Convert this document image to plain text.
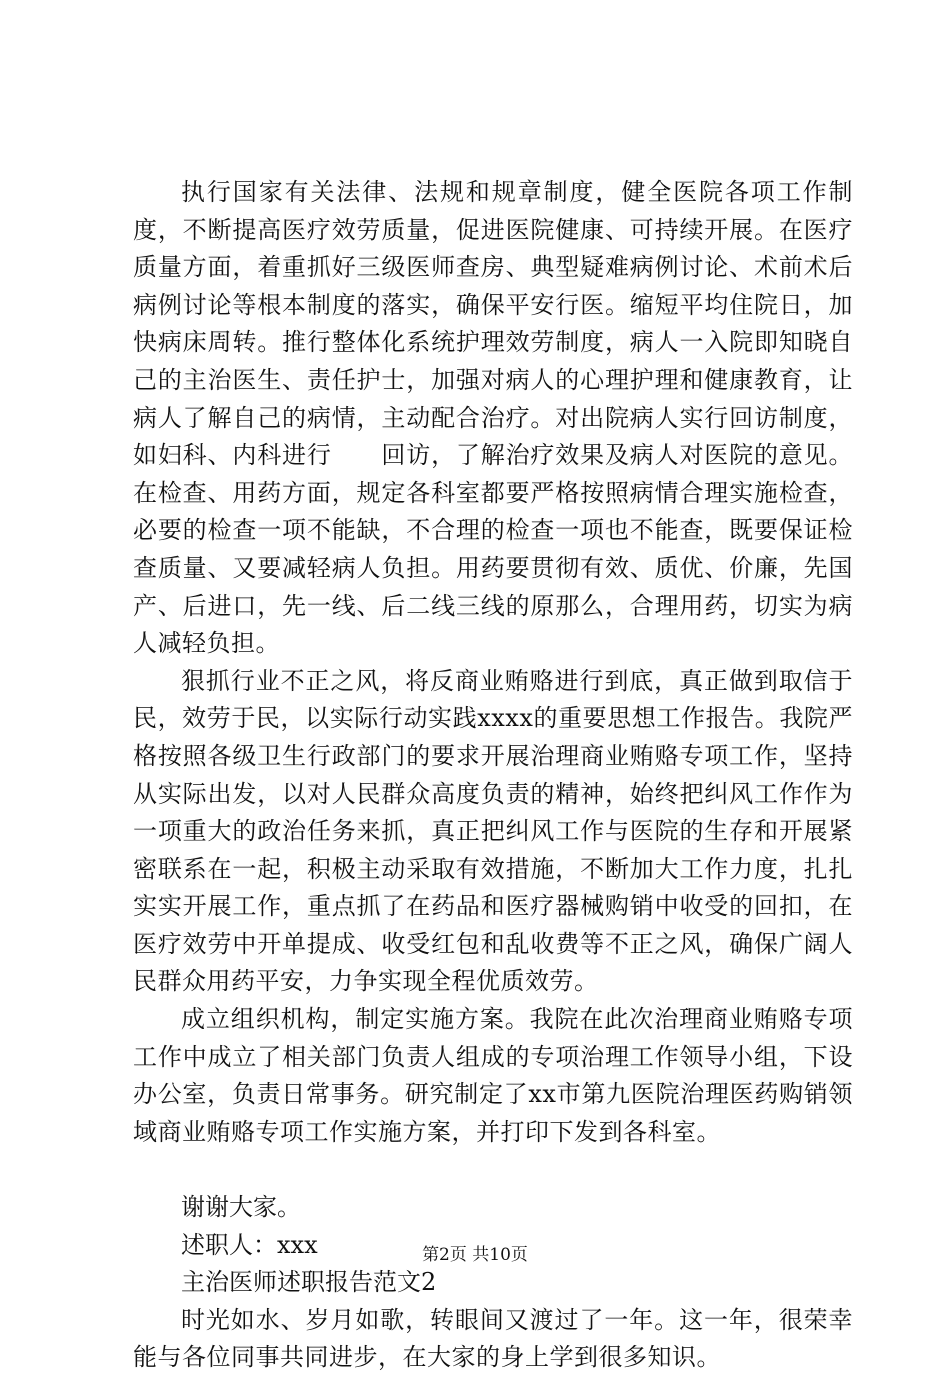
执行国家有关法律、法规和规章制度，健全医院各项工作制度，不断提高医疗效劳质量，促进医院健康、可持续开展。在医疗质量方面，着重抓好三级医师查房、典型疑难病例讨论、术前术后病例讨论等根本制度的落实，确保平安行医。缩短平均住院日，加快病床周转。推行整体化系统护理效劳制度，病人一入院即知晓自己的主治医生、责任护士，加强对病人的心理护理和健康教育，让病人了解自己的病情，主动配合治疗。对出院病人实行回访制度，如妇科、内科进行　　回访，了解治疗效果及病人对医院的意见。在检查、用药方面，规定各科室都要严格按照病情合理实施检查，必要的检查一项不能缺，不合理的检查一项也不能查，既要保证检查质量、又要减轻病人负担。用药要贯彻有效、质优、价廉，先国产、后进口，先一线、后二线三线的原那么，合理用药，切实为病人减轻负担。

狠抓行业不正之风，将反商业贿赂进行到底，真正做到取信于民，效劳于民，以实际行动实践xxxx的重要思想工作报告。我院严格按照各级卫生行政部门的要求开展治理商业贿赂专项工作，坚持从实际出发，以对人民群众高度负责的精神，始终把纠风工作作为一项重大的政治任务来抓，真正把纠风工作与医院的生存和开展紧密联系在一起，积极主动采取有效措施，不断加大工作力度，扎扎实实开展工作，重点抓了在药品和医疗器械购销中收受的回扣，在医疗效劳中开单提成、收受红包和乱收费等不正之风，确保广阔人民群众用药平安，力争实现全程优质效劳。

成立组织机构，制定实施方案。我院在此次治理商业贿赂专项工作中成立了相关部门负责人组成的专项治理工作领导小组，下设办公室，负责日常事务。研究制定了xx市第九医院治理医药购销领域商业贿赂专项工作实施方案，并打印下发到各科室。

谢谢大家。

述职人：xxx

主治医师述职报告范文2

时光如水、岁月如歌，转眼间又渡过了一年。这一年，很荣幸能与各位同事共同进步，在大家的身上学到很多知识。

第2页 共10页
